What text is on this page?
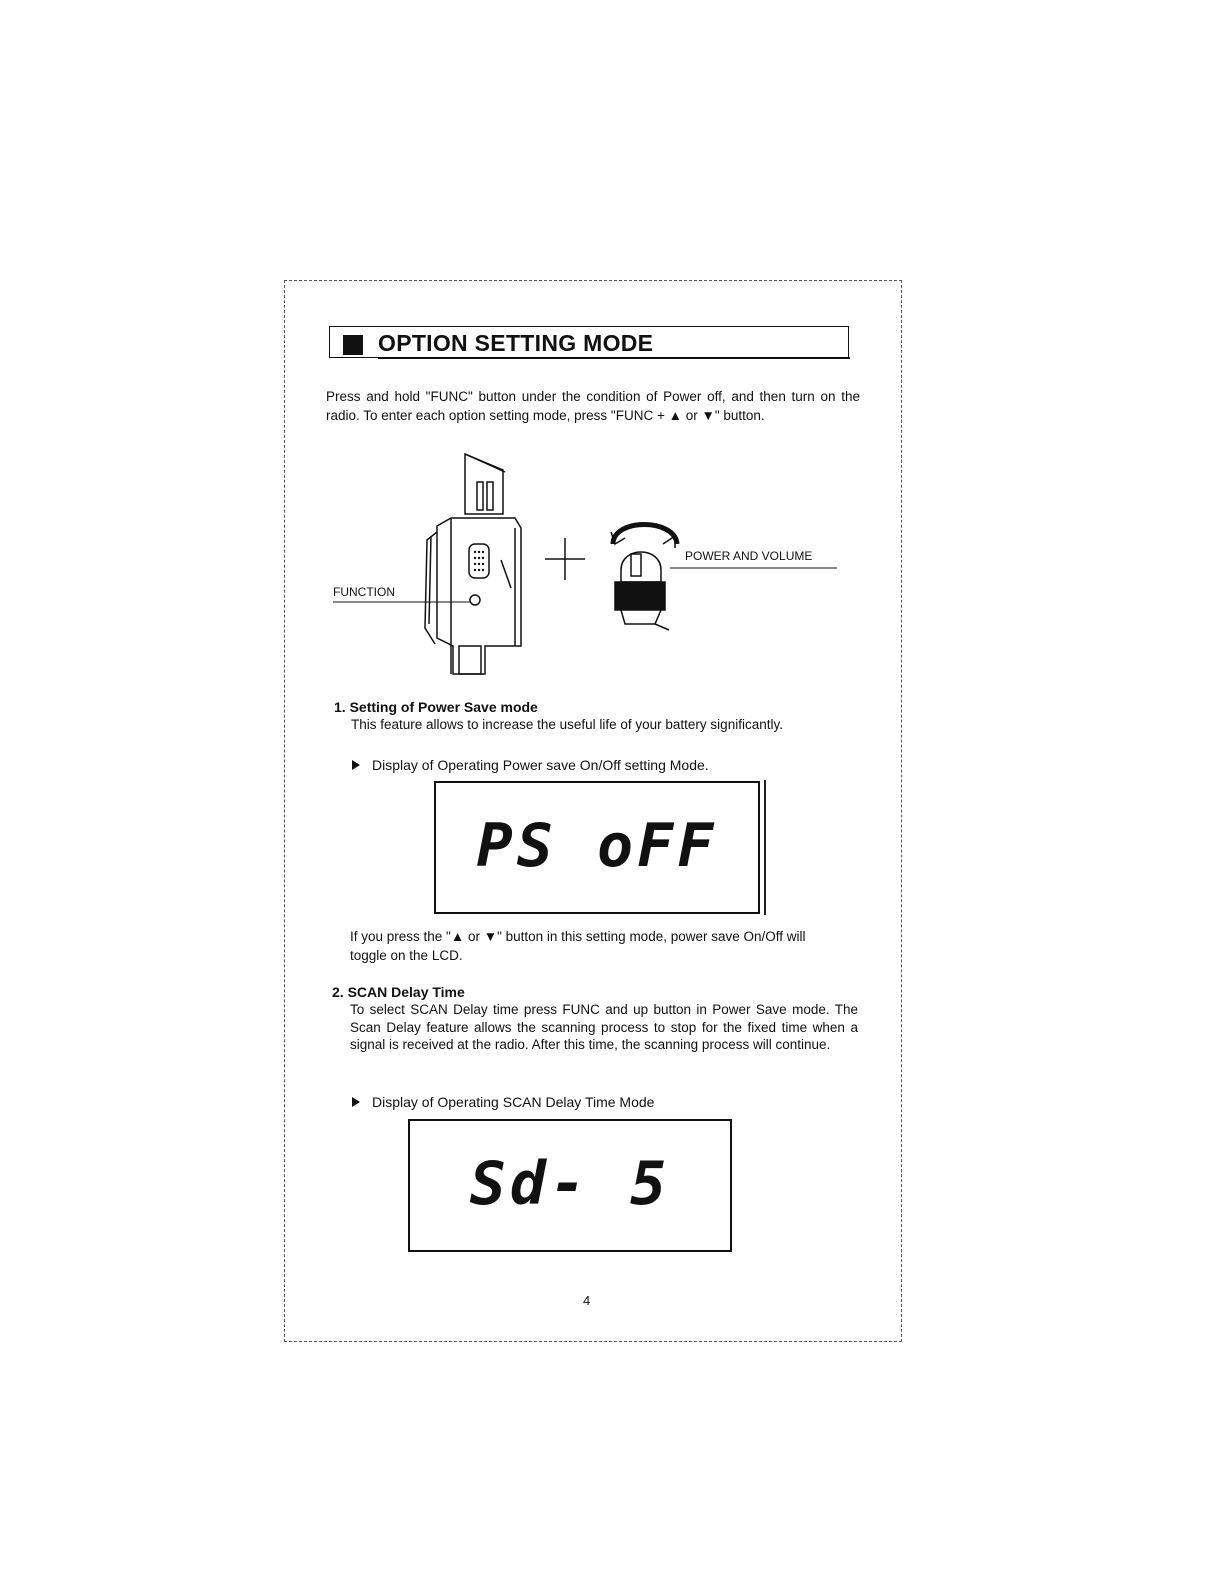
OPTION SETTING MODE
Press and hold "FUNC" button under the condition of Power off, and then turn on the radio. To enter each option setting mode, press "FUNC + ▲ or ▼" button.
FUNCTION
POWER AND VOLUME
1. Setting of Power Save mode
This feature allows to increase the useful life of your battery significantly.
Display of Operating Power save On/Off setting Mode.
PS oFF
If you press the "▲ or ▼" button in this setting mode, power save On/Off will toggle on the LCD.
2. SCAN Delay Time
To select SCAN Delay time press FUNC and up button in Power Save mode. The Scan Delay feature allows the scanning process to stop for the fixed time when a signal is received at the radio. After this time, the scanning process will continue.
Display of Operating SCAN Delay Time Mode
Sd- 5
4
